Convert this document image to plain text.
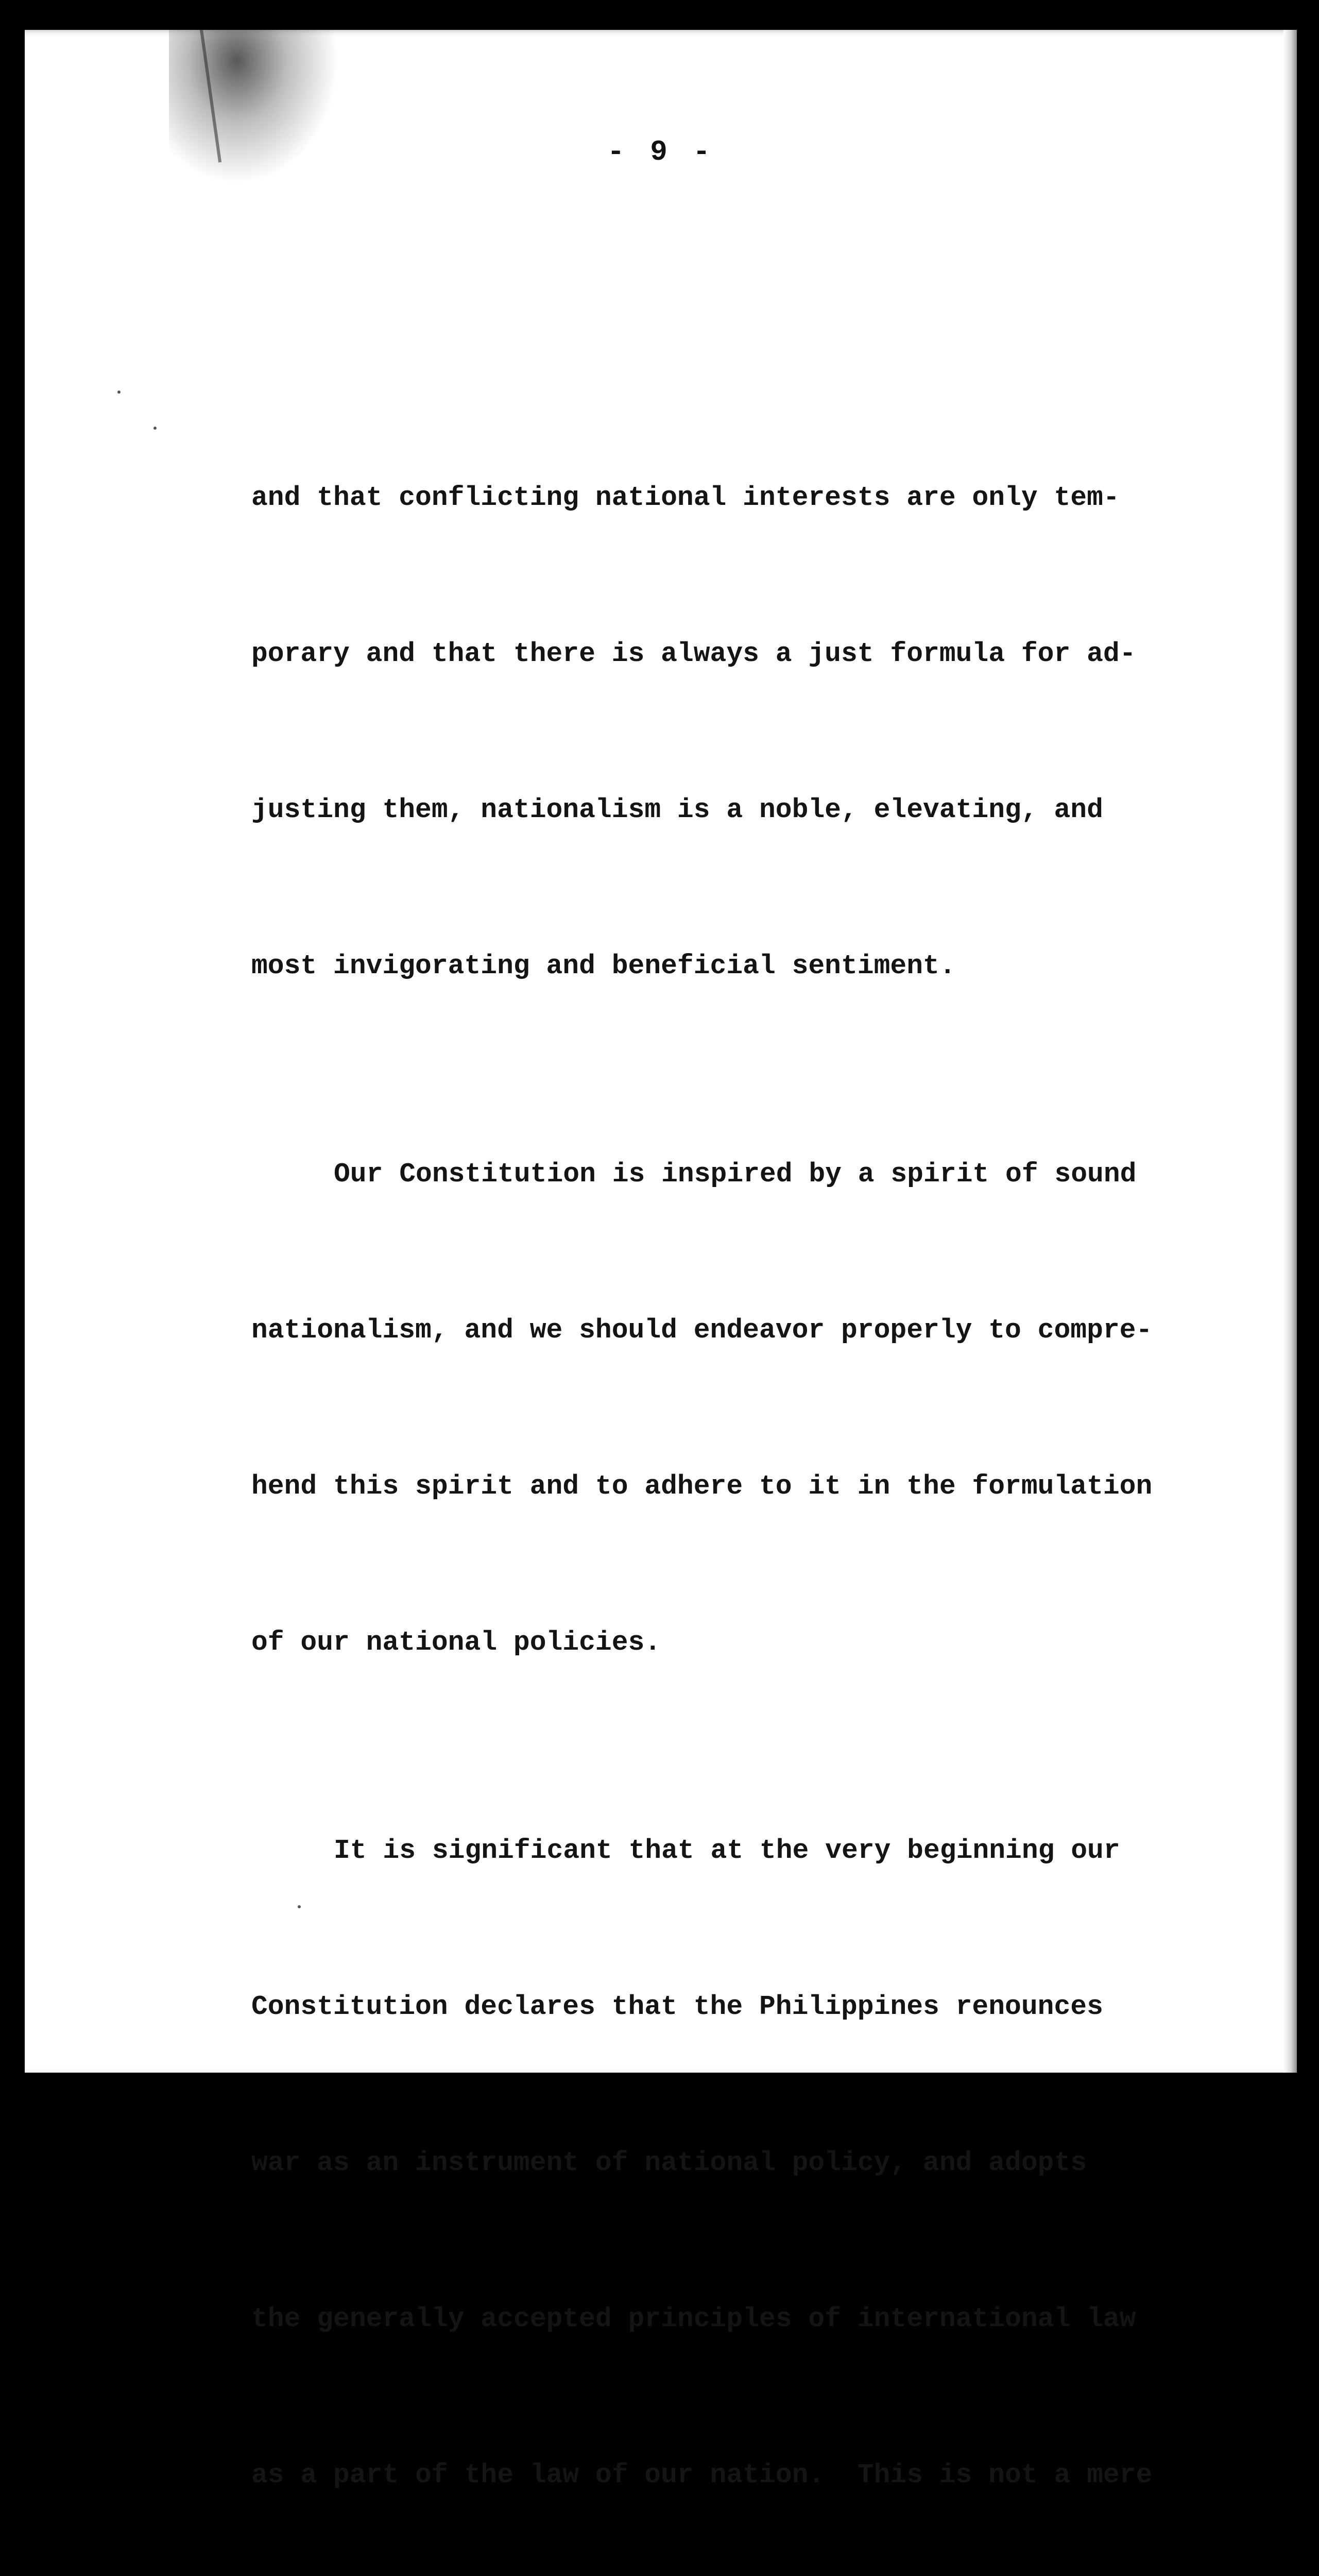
- 9 -

and that conflicting national interests are only tem-

porary and that there is always a just formula for ad-

justing them, nationalism is a noble, elevating, and

most invigorating and beneficial sentiment.

Our Constitution is inspired by a spirit of sound

nationalism, and we should endeavor properly to compre-

hend this spirit and to adhere to it in the formulation

of our national policies.

It is significant that at the very beginning our

Constitution declares that the Philippines renounces

war as an instrument of national policy, and adopts

the generally accepted principles of international law

as a part of the law of our nation.  This is not a mere
